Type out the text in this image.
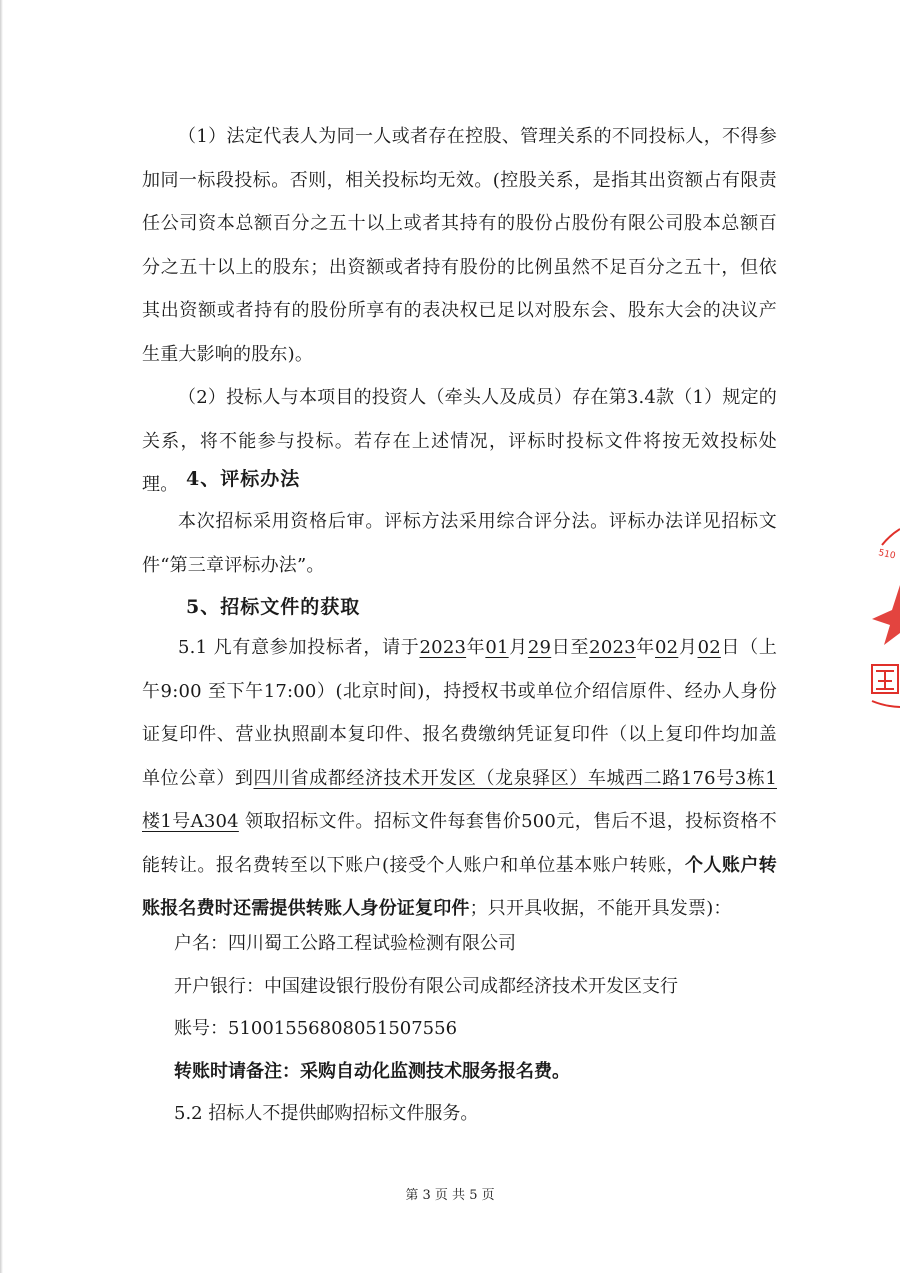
（1）法定代表人为同一人或者存在控股、管理关系的不同投标人，不得参加同一标段投标。否则，相关投标均无效。(控股关系，是指其出资额占有限责任公司资本总额百分之五十以上或者其持有的股份占股份有限公司股本总额百分之五十以上的股东；出资额或者持有股份的比例虽然不足百分之五十，但依其出资额或者持有的股份所享有的表决权已足以对股东会、股东大会的决议产生重大影响的股东)。

（2）投标人与本项目的投资人（牵头人及成员）存在第3.4款（1）规定的关系，将不能参与投标。若存在上述情况，评标时投标文件将按无效投标处理。 4、评标办法

本次招标采用资格后审。评标方法采用综合评分法。评标办法详见招标文件“第三章评标办法”。

5、招标文件的获取

5.1 凡有意参加投标者，请于2023年01月29日至2023年02月02日（上午9:00 至下午17:00）(北京时间)，持授权书或单位介绍信原件、经办人身份证复印件、营业执照副本复印件、报名费缴纳凭证复印件（以上复印件均加盖单位公章）到四川省成都经济技术开发区（龙泉驿区）车城西二路176号3栋1楼1号A304 领取招标文件。招标文件每套售价500元，售后不退，投标资格不能转让。报名费转至以下账户(接受个人账户和单位基本账户转账，个人账户转账报名费时还需提供转账人身份证复印件；只开具收据，不能开具发票)：

户名：四川蜀工公路工程试验检测有限公司

开户银行：中国建设银行股份有限公司成都经济技术开发区支行

账号：51001556808051507556

转账时请备注：采购自动化监测技术服务报名费。

5.2 招标人不提供邮购招标文件服务。

第 3 页 共 5 页
510
